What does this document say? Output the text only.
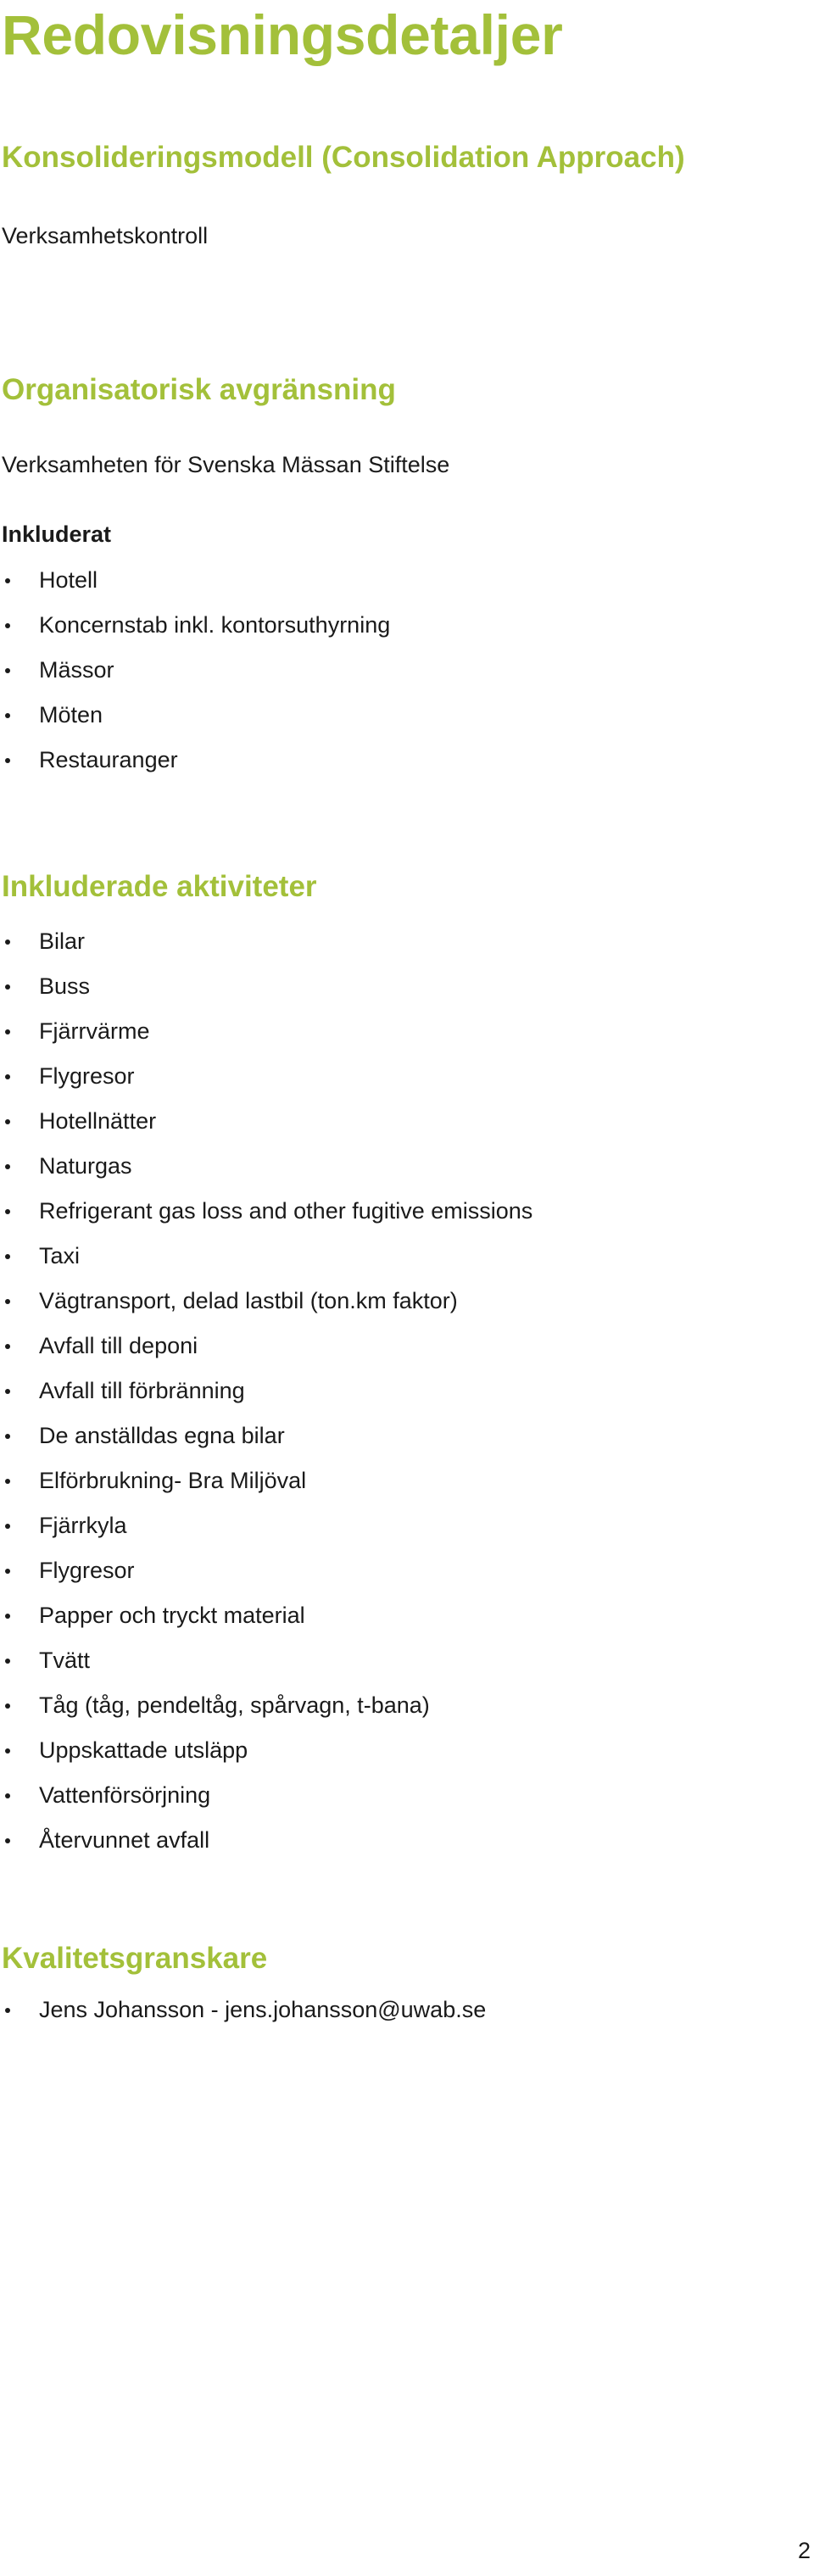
Redovisningsdetaljer
Konsolideringsmodell (Consolidation Approach)

Verksamhetskontroll

Organisatorisk avgränsning

Verksamheten för Svenska Mässan Stiftelse

Inkluderat

Hotell
Koncernstab inkl. kontorsuthyrning
Mässor
Möten
Restauranger
Inkluderade aktiviteter
Bilar
Buss
Fjärrvärme
Flygresor
Hotellnätter
Naturgas
Refrigerant gas loss and other fugitive emissions
Taxi
Vägtransport, delad lastbil (ton.km faktor)
Avfall till deponi
Avfall till förbränning
De anställdas egna bilar
Elförbrukning- Bra Miljöval
Fjärrkyla
Flygresor
Papper och tryckt material
Tvätt
Tåg (tåg, pendeltåg, spårvagn, t-bana)
Uppskattade utsläpp
Vattenförsörjning
Återvunnet avfall
Kvalitetsgranskare
Jens Johansson - jens.johansson@uwab.se
2
